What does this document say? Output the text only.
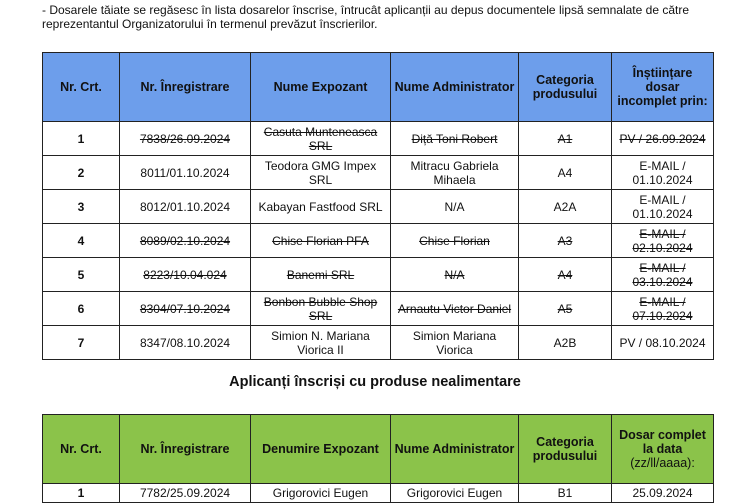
- Dosarele tăiate se regăsesc în lista dosarelor înscrise, întrucât aplicanții au depus documentele lipsă semnalate de către reprezentantul Organizatorului în termenul prevăzut înscrierilor.
Nr. Crt.	Nr. Înregistrare	Nume Expozant	Nume Administrator	Categoria produsului	Înștiințare dosar incomplet prin:
1	7838/26.09.2024	Casuta Munteneasca SRL	Diță Toni Robert	A1	PV / 26.09.2024
2	8011/01.10.2024	Teodora GMG Impex SRL	Mitracu Gabriela Mihaela	A4	E-MAIL / 01.10.2024
3	8012/01.10.2024	Kabayan Fastfood SRL	N/A	A2A	E-MAIL / 01.10.2024
4	8089/02.10.2024	Chise Florian PFA	Chise Florian	A3	E-MAIL / 02.10.2024
5	8223/10.04.024	Banemi SRL	N/A	A4	E-MAIL / 03.10.2024
6	8304/07.10.2024	Bonbon Bubble Shop SRL	Arnautu Victor Daniel	A5	E-MAIL / 07.10.2024
7	8347/08.10.2024	Simion N. Mariana Viorica II	Simion Mariana Viorica	A2B	PV / 08.10.2024
Aplicanți înscriși cu produse nealimentare
Nr. Crt.	Nr. Înregistrare	Denumire Expozant	Nume Administrator	Categoria produsului	Dosar complet la data
(zz/ll/aaaa):
1	7782/25.09.2024	Grigorovici Eugen	Grigorovici Eugen	B1	25.09.2024
